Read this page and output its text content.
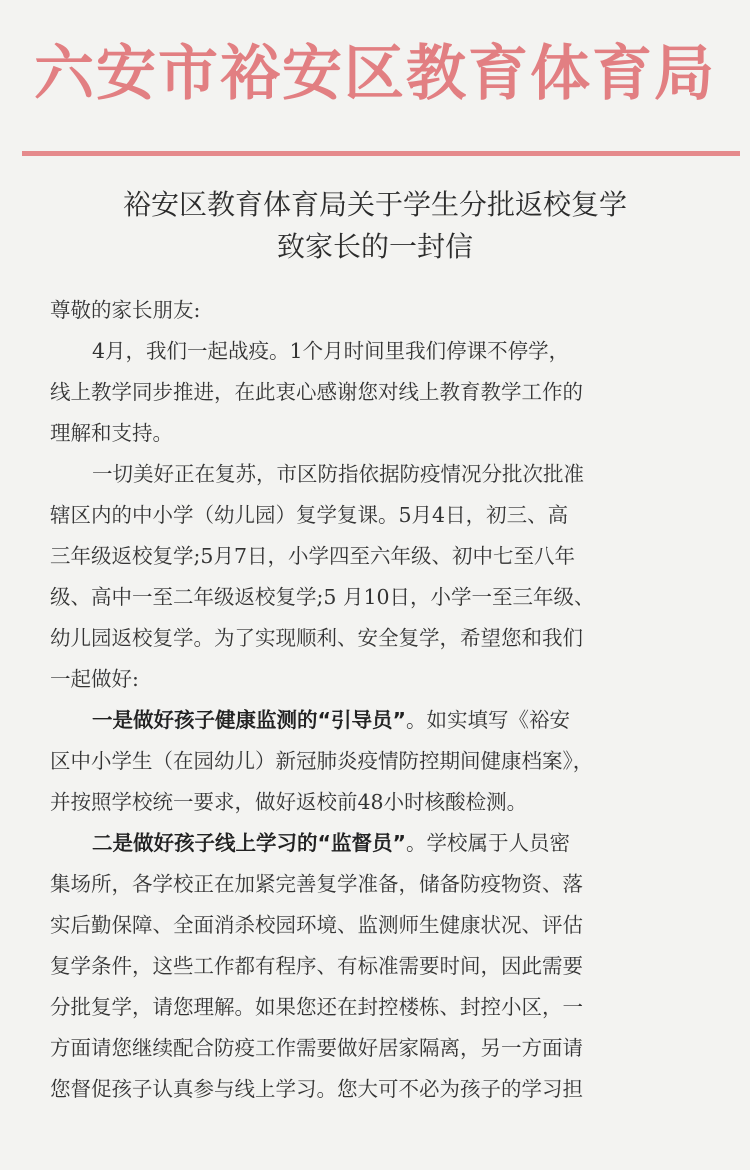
六安市裕安区教育体育局
裕安区教育体育局关于学生分批返校复学
致家长的一封信
尊敬的家长朋友:
4月，我们一起战疫。1个月时间里我们停课不停学，
线上教学同步推进，在此衷心感谢您对线上教育教学工作的
理解和支持。
一切美好正在复苏，市区防指依据防疫情况分批次批准
辖区内的中小学（幼儿园）复学复课。5月4日，初三、高
三年级返校复学;5月7日，小学四至六年级、初中七至八年
级、高中一至二年级返校复学;5 月10日，小学一至三年级、
幼儿园返校复学。为了实现顺利、安全复学，希望您和我们
一起做好:
一是做好孩子健康监测的“引导员”。如实填写《裕安
区中小学生（在园幼儿）新冠肺炎疫情防控期间健康档案》，
并按照学校统一要求，做好返校前48小时核酸检测。
二是做好孩子线上学习的“监督员”。学校属于人员密
集场所，各学校正在加紧完善复学准备，储备防疫物资、落
实后勤保障、全面消杀校园环境、监测师生健康状况、评估
复学条件，这些工作都有程序、有标准需要时间，因此需要
分批复学，请您理解。如果您还在封控楼栋、封控小区，一
方面请您继续配合防疫工作需要做好居家隔离，另一方面请
您督促孩子认真参与线上学习。您大可不必为孩子的学习担
